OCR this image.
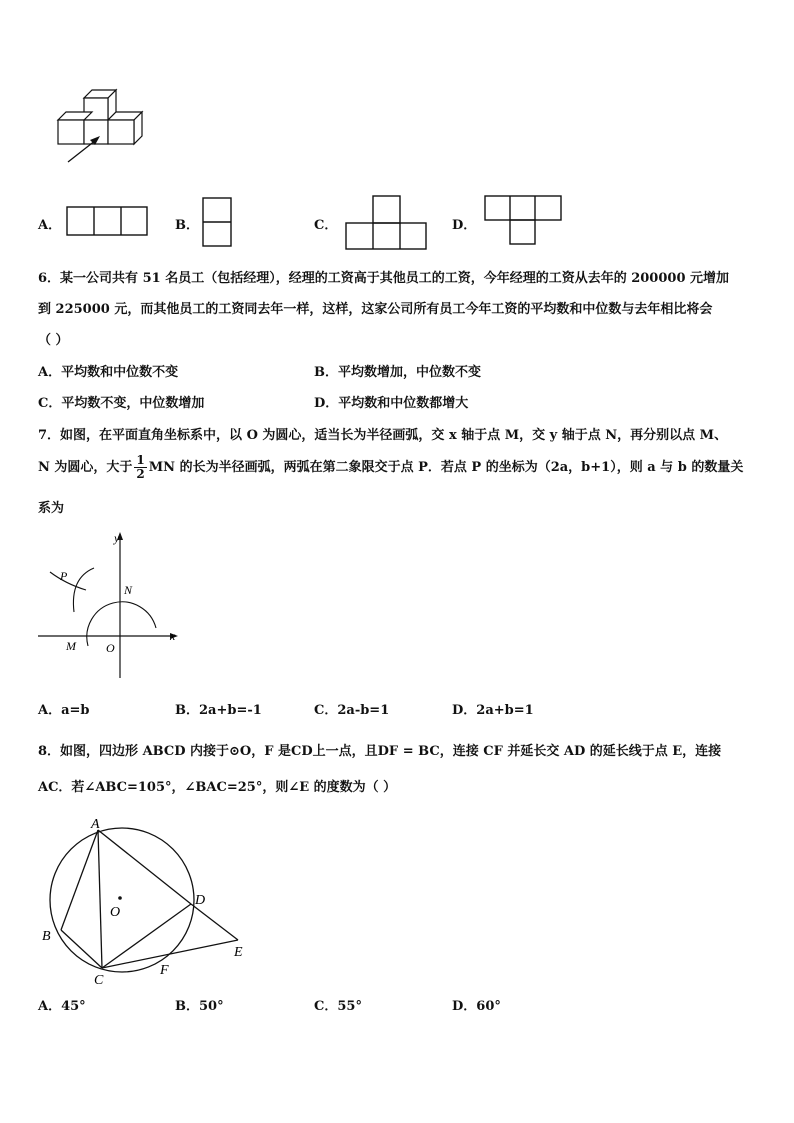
A．	B．	C．	D．
6．某一公司共有 51 名员工（包括经理），经理的工资高于其他员工的工资，今年经理的工资从去年的 200000 元增加
到 225000 元，而其他员工的工资同去年一样，这样，这家公司所有员工今年工资的平均数和中位数与去年相比将会
（ ）
A．平均数和中位数不变	B．平均数增加，中位数不变
C．平均数不变，中位数增加	D．平均数和中位数都增大
7．如图，在平面直角坐标系中，以 O 为圆心，适当长为半径画弧，交 x 轴于点 M，交 y 轴于点 N，再分别以点 M、
N 为圆心，大于 $\frac{1}{2}$ MN 的长为半径画弧，两弧在第二象限交于点 P．若点 P 的坐标为（2a，b+1），则 a 与 b 的数量关
系为
y
x
P
N
M	O
A．a=b	B．2a+b=-1	C．2a-b=1	D．2a+b=1
8．如图，四边形 ABCD 内接于⊙O，F 是CD上一点，且DF = BC，连接 CF 并延长交 AD 的延长线于点 E，连接
AC．若∠ABC=105°，∠BAC=25°，则∠E 的度数为（ ）
A
B
C
D
E
F
O
A．45°	B．50°	C．55°	D．60°
